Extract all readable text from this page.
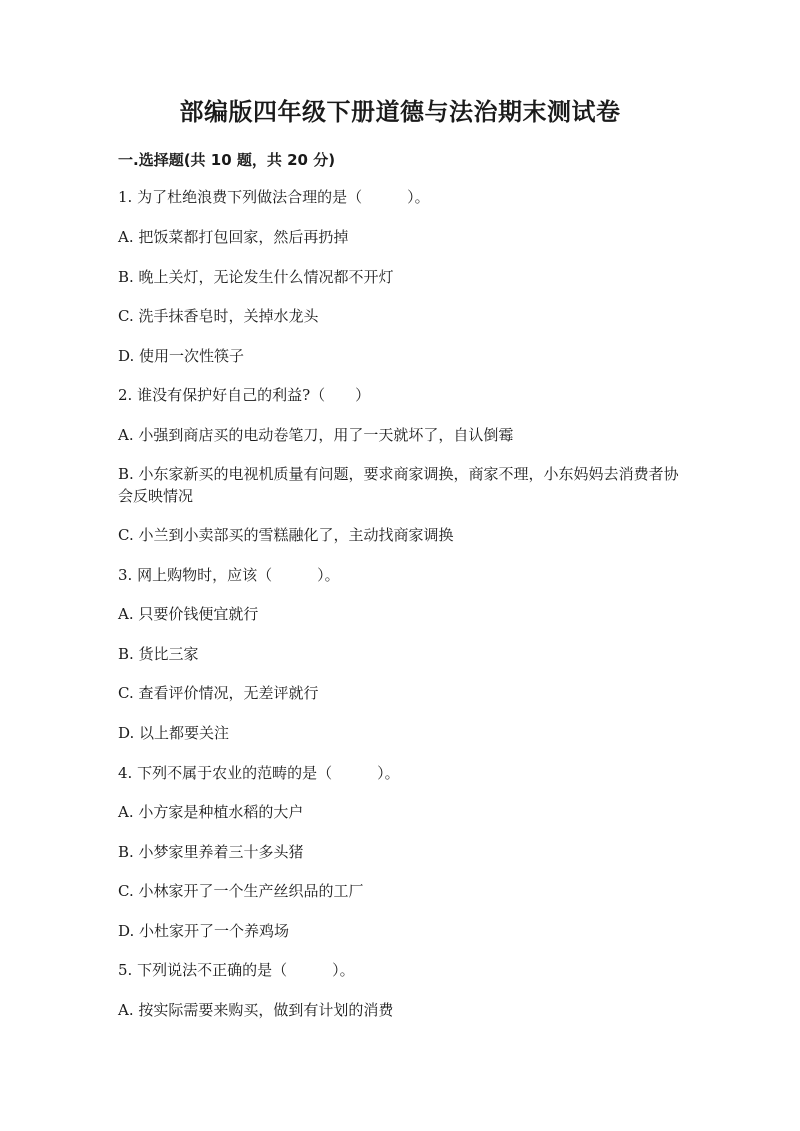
部编版四年级下册道德与法治期末测试卷
一.选择题(共 10 题，共 20 分)

1. 为了杜绝浪费下列做法合理的是（　　　）。

A. 把饭菜都打包回家，然后再扔掉

B. 晚上关灯，无论发生什么情况都不开灯

C. 洗手抹香皂时，关掉水龙头

D. 使用一次性筷子

2. 谁没有保护好自己的利益?（　　）

A. 小强到商店买的电动卷笔刀，用了一天就坏了，自认倒霉

B. 小东家新买的电视机质量有问题，要求商家调换，商家不理，小东妈妈去消费者协会反映情况

C. 小兰到小卖部买的雪糕融化了，主动找商家调换

3. 网上购物时，应该（　　　）。

A. 只要价钱便宜就行

B. 货比三家

C. 查看评价情况，无差评就行

D. 以上都要关注

4. 下列不属于农业的范畴的是（　　　）。

A. 小方家是种植水稻的大户

B. 小梦家里养着三十多头猪

C. 小林家开了一个生产丝织品的工厂

D. 小杜家开了一个养鸡场

5. 下列说法不正确的是（　　　）。

A. 按实际需要来购买，做到有计划的消费
